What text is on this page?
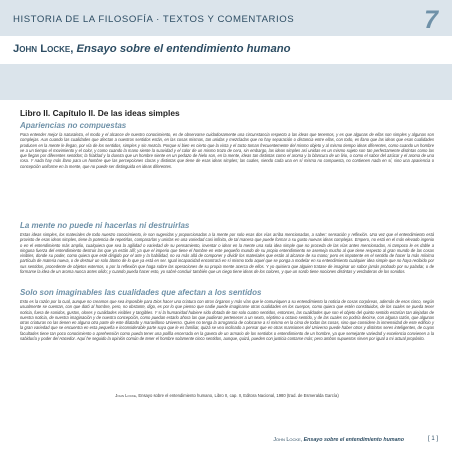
HISTORIA DE LA FILOSOFÍA · TEXTOS Y COMENTARIOS	7
John Locke, Ensayo sobre el entendimiento humano
Libro II. Capítulo II. De las ideas simples
Apariencias no compuestas

Para entender mejor la naturaleza, el modo y el alcance de nuestro conocimiento, es de observarse cuidadosamente una circunstancia respecto a las ideas que tenemos, y es que algunas de ellas son simples y algunas son complejas. Aun cuando las cualidades que afectan a nuestros sentidos están, en las cosas mismas, tan unidas y mezcladas que no hay separación o distancia entre ellas, con todo, es llano que las ideas que esas cualidades producen en la mente le llegan, por vía de los sentidos, simples y sin mezcla. Porque si bien es cierto que la vista y el tacto toman frecuentemente del mismo objeto y al mismo tiempo ideas diferentes, como cuando un hombre ve a un tiempo el movimiento y el color, y como cuando la mano siente la suavidad y el calor de un mismo trozo de cera, sin embargo, las ideas simples así unidas en un mismo sujeto son tan perfectamente distintas como las que llegan por diferentes sentidos; la frialdad y la dureza que un hombre siente en un pedazo de hielo son, en la mente, ideas tan distintas como el aroma y la blancura de un lirio, o como el sabor del azúcar y el aroma de una rosa. Y nada hay más llano para un hombre que las percepciones claras y distintas que tiene de esas ideas simples; las cuales, siendo cada una en sí misma no compuesta, no contienen nada en sí, sino una apariencia o concepción uniforme en la mente, que no puede ser distinguida en ideas diferentes.

La mente no puede ni hacerlas ni destruirlas

Estas ideas simples, los materiales de todo nuestro conocimiento, le son sugeridas y proporcionadas a la mente por solo esas dos vías arriba mencionadas, a saber: sensación y reflexión. Una vez que el entendimiento está provisto de esas ideas simples, tiene la potencia de repetirlas, compararlas y unirlas en una variedad casi infinita, de tal manera que puede formar a su gusto nuevas ideas complejas. Empero, no está en el más elevado ingenio o en el entendimiento más amplio, cualquiera que sea la agilidad o variedad de su pensamiento, inventar o idear en la mente una sola idea simple que no proceda de las vías antes mencionadas, ni tampoco le es dable a ninguna fuerza del entendimiento destruir las que ya están allí; ya que el imperio que tiene el hombre en este pequeño mundo de su propio entendimiento se asemeja mucho al que tiene respecto al gran mundo de las cosas visibles, donde su poder, como quiera que esté dirigido por el arte y la habilidad, no va más allá de componer y dividir los materiales que están al alcance de su mano; pero es impotente en el sentido de hacer la más mínima partícula de materia nueva, o de destruir un solo átomo de lo que ya está en ser. Igual incapacidad encontrará en sí mismo todo aquel que se ponga a modelar en su entendimiento cualquier idea simple que no haya recibido por sus sentidos, procedente de objetos externos, o por la reflexión que haga sobre las operaciones de su propia mente acerca de ellos. Y yo quisiera que alguien tratase de imaginar un sabor jamás probado por su paladar, o de formarse la idea de un aroma nunca antes olido; y cuando pueda hacer esto, yo sabré concluir también que un ciego tiene ideas de los colores, y que un sordo tiene nociones distintas y verdaderas de los sonidos.

Solo son imaginables las cualidades que afectan a los sentidos

Esto es la razón por la cual, aunque no creamos que sea imposible para Dios hacer una criatura con otros órganos y más vías que le comuniquen a su entendimiento la noticia de cosas corpóreas, además de esos cinco, según usualmente se cuentan, con que dotó al hombre, pero, no obstante, digo, es por lo que pienso que nadie puede imaginarse otras cualidades en los cuerpos, como quiera que estén constituidos, de los cuales se pueda tener noticia, fuera de sonidos, gustos, olores y cualidades visibles y tangibles. Y si la humanidad hubiere sido dotada de tan solo cuatro sentidos, entonces, las cualidades que son el objeto del quinto sentido estarían tan alejadas de nuestra noticia, de nuestra imaginación y de nuestra concepción, como puedan estarlo ahora las que pudieran pertenecer a un sexto, séptimo u octavo sentido, y de las cuales no podría decirse, con alguna razón, que algunas otras criaturas no las tienen en alguna otra parte de este dilatado y maravilloso Universo. Quien no tenga la arrogancia de colocarse a sí mismo en la cima de todas las cosas, sino que considere la inmensidad de este edificio y la gran variedad que se encuentra en esta pequeña e inconsiderable parte suya que le es familiar, quizá se vea inclinado a pensar que en otras mansiones del Universo puede haber otros y distintos seres inteligentes, de cuyas facultades tiene tan poco conocimiento o aprehensión como pueda tener una polilla encerrada en la gaveta de un armario de los sentidos o entendimiento de un hombre, ya que semejante variedad y excelencia convienen a la sabiduría y poder del Hacedor. Aquí he seguido la opinión común de tener el hombre solamente cinco sentidos, aunque, quizá, pueden con justicia contarse más; pero ambos supuestos sirven por igual a mi actual propósito.

John Locke, Ensayo sobre el entendimiento humano, Libro II, cap. II, Editora Nacional, 1980 (trad. de Esmeralda García)
John Locke, Ensayo sobre el entendimiento humano	[ 1 ]
